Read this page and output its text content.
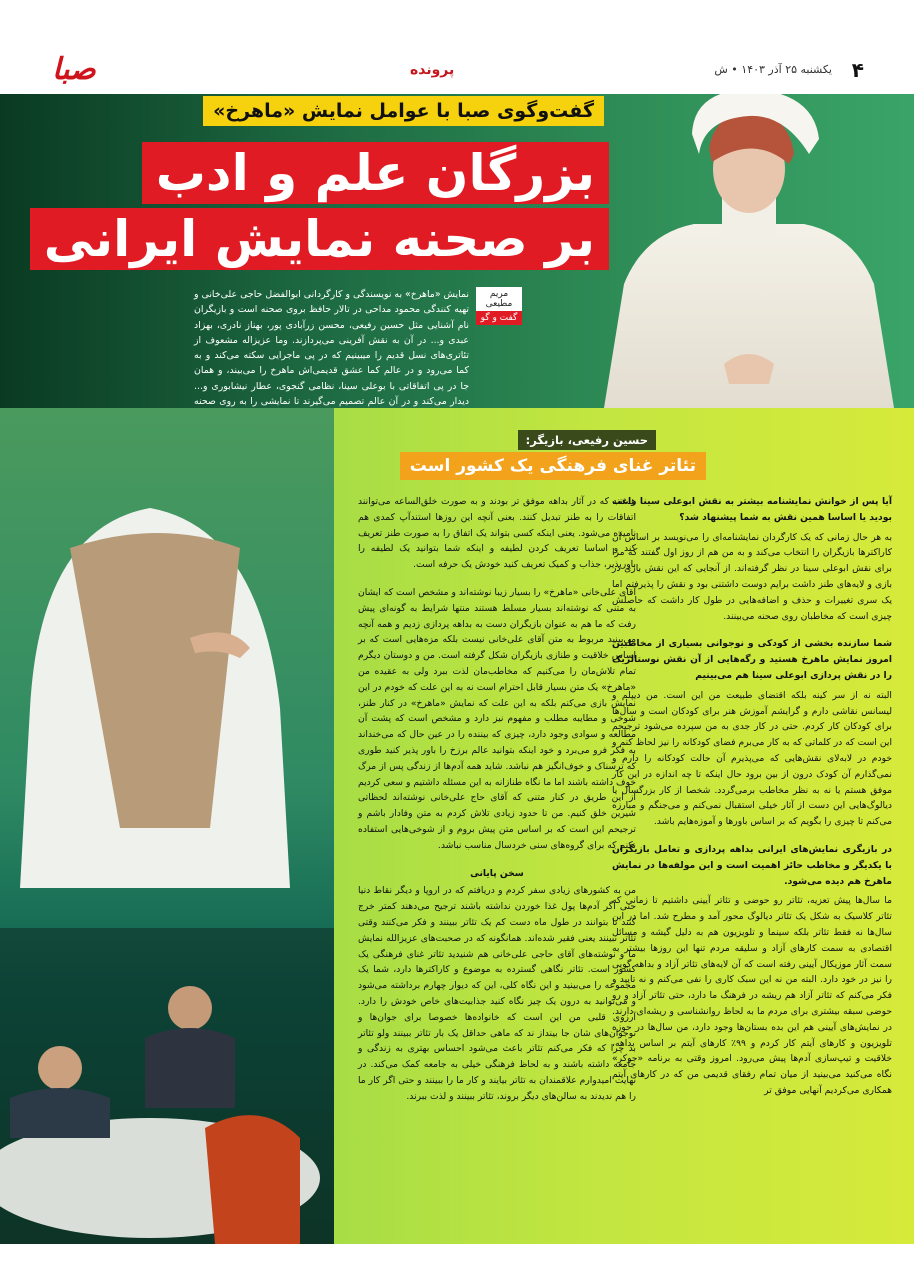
صبا	پرونده	یکشنبه ۲۵ آذر ۱۴۰۳ • ش ۴
گفت‌وگوی صبا با عوامل نمایش «ماهرخ»
بزرگان علم و ادب
بر صحنه نمایش ایرانی
مریم مطیعی
گفت و گو
نمایش «ماهرخ» به نویسندگی و کارگردانی ابوالفضل حاجی علی‌خانی و تهیه کنندگی محمود مداحی در تالار حافظ بروی صحنه است و بازیگران نام آشنایی مثل حسین رفیعی، محسن زرآبادی پور، بهناز نادری، بهزاد عبدی و... در آن به نقش آفرینی می‌پردازند. وما عزیزاله مشعوف از تئاتری‌های نسل قدیم را میبینیم که در پی ماجرایی سکته می‌کند و به کما می‌رود و در عالم کما عشق قدیمی‌اش ماهرخ را می‌بیند، و همان جا در پی اتفاقاتی با بوعلی سینا، نظامی گنجوی، عطار نیشابوری و... دیدار می‌کند و در آن عالم تصمیم می‌گیرند تا نمایشی را به روی صحنه
حسین رفیعی، بازیگر:
تئاتر غنای فرهنگی یک کشور است
آیا پس از خوانش نمایشنامه بیشتر به نقش ابوعلی سینا راغب بودید یا اساسا همین نقش به شما پیشنهاد شد؟
به هر حال زمانی که یک کارگردان نمایشنامه‌ای را می‌نویسد بر اساس آن کاراکترها بازیگران را انتخاب می‌کند و به من هم از روز اول گفتند که مرا برای نقش ابوعلی سینا در نظر گرفته‌اند. از آنجایی که این نقش بازی در بازی و لایه‌های طنز داشت برایم دوست داشتنی بود و نقش را پذیرفتم اما یک سری تغییرات و حذف و اضافه‌هایی در طول کار داشت که حاصلش چیزی است که مخاطبان روی صحنه می‌بینند.
شما سازنده بخشی از کودکی و نوجوانی بسیاری از مخاطبین امروز نمایش ماهرخ هستید و رگه‌هایی از آن نقش نوستالژیک را در نقش پردازی ابوعلی سینا هم می‌بینیم
البته نه از سر کینه بلکه اقتضای طبیعت من این است. من دیپلم و لیسانس نقاشی دارم و گرایشم آموزش هنر برای کودکان است و سال‌ها برای کودکان کار کردم. حتی در کار جدی به من سپرده می‌شود ترجیحم این است که در کلماتی که به کار می‌برم فضای کودکانه را نیز لحاظ کنم و خودم در لابه‌لای نقش‌هایی که می‌پذیرم آن حالت کودکانه را دارم و نمی‌گذارم آن کودک درون از بین برود حال اینکه تا چه اندازه در این کار موفق هستم یا نه به نظر مخاطب برمی‌گردد. شخصا از کار بزرگسال یا دیالوگ‌هایی این دست از آثار خیلی استقبال نمی‌کنم و می‌جنگم و مبارزه می‌کنم تا چیزی را بگویم که بر اساس باورها و آموزه‌هایم باشد.
در بازیگری نمایش‌های ایرانی بداهه پردازی و تعامل بازیگران با یکدیگر و مخاطب حائز اهمیت است و این مولفه‌ها در نمایش ماهرخ هم دیده می‌شود.
ما سال‌ها پیش تعزیه، تئاتر رو حوضی و تئاتر آیینی داشتیم تا زمانی که تئاتر کلاسیک به شکل یک تئاتر دیالوگ محور آمد و مطرح شد. اما در این سال‌ها نه فقط تئاتر بلکه سینما و تلویزیون هم به دلیل گیشه و مسائل اقتصادی به سمت کارهای آزاد و سلیقه مردم تنها این روزها بیشتر به سمت آثار موزیکال آیینی رفته است که آن لایه‌های تئاتر آزاد و بداهه گویی را نیز در خود دارد. البته من نه این سبک کاری را نفی می‌کنم و نه تایید و فکر می‌کنم که تئاتر آزاد هم ریشه در فرهنگ ما دارد، حتی تئاتر آزاد و رو حوضی سبقه بیشتری برای مردم ما به لحاظ روانشناسی و ریشه‌ای دارند. در نمایش‌های آیینی هم این بده بستان‌ها وجود دارد، من سال‌ها در حوزه تلویزیون و کارهای آیتم کار کردم و ۹۹٪ کارهای آیتم بر اساس بداهه، خلاقیت و تیپ‌سازی آدم‌ها پیش می‌رود. امروز وقتی به برنامه «جوکر» نگاه می‌کنید می‌بینید از میان تمام رفقای قدیمی من که در کارهای آیتم همکاری می‌کردیم آنهایی موفق تر
هستند که در آثار بداهه موفق تر بودند و به صورت خلق‌الساعه می‌توانند اتفاقات را به طنز تبدیل کنند. بعنی آنچه این روزها استندآپ کمدی هم نامیده می‌شود. یعنی اینکه کسی بتواند یک اتفاق را به صورت طنز تعریف کند و اساسا تعریف کردن لطیفه و اینکه شما بتوانید یک لطیفه را باورپذیر، جذاب و کمیک تعریف کنید خودش یک حرفه است.
آقای علی‌خانی «ماهرخ» را بسیار زیبا نوشته‌اند و مشخص است که ایشان به متنی که نوشته‌اند بسیار مسلط هستند منتها شرایط به گونه‌ای پیش رفت که ما هم به عنوان بازیگران دست به بداهه پردازی زدیم و همه آنچه می‌بینید مربوط به متن آقای علی‌خانی نیست بلکه مزه‌هایی است که بر اساس خلاقیت و طنازی بازیگران شکل گرفته است. من و دوستان دیگرم تمام تلاش‌مان را می‌کنیم که مخاطب‌مان لذت ببرد ولی به عقیده من «ماهرخ» یک متن بسیار قابل احترام است نه به این علت که خودم در این نمایش بازی می‌کنم بلکه به این علت که نمایش «ماهرخ» در کنار طنز، شوخی و مطایبه مطلب و مفهوم نیز دارد و مشخص است که پشت آن مطالعه و سوادی وجود دارد، چیزی که بیننده را در عین حال که می‌خنداند به فکر فرو می‌برد و خود اینکه بتوانید عالم برزخ را باور پذیر کنید طوری که ترسناک و خوف‌انگیز هم نباشد. شاید همه آدم‌ها از زندگی پس از مرگ خوف داشته باشند اما ما نگاه طنازانه به این مسئله داشتیم و سعی کردیم از این طریق در کنار متنی که آقای حاج علی‌خانی نوشته‌اند لحظاتی شیرین خلق کنیم. من تا حدود زیادی تلاش کردم به متن وفادار باشم و ترجیحم این است که بر اساس متن پیش بروم و از شوخی‌هایی استفاده نکنم که برای گروه‌های سنی خردسال مناسب نباشد.
سخن پایانی
من به کشورهای زیادی سفر کردم و دریافتم که در اروپا و دیگر نقاط دنیا حتی اگر آدم‌ها پول غذا خوردن نداشته باشند ترجیح می‌دهند کمتر خرج کنند تا بتوانند در طول ماه دست کم یک تئاتر ببینند و فکر می‌کنند وقتی تئاتر نبینند یعنی فقیر شده‌اند. همانگونه که در صحبت‌های عزیزالله نمایش ما و نوشته‌های آقای حاجی علی‌خانی هم شنیدید تئاتر غنای فرهنگی یک کشور است. تئاتر نگاهی گسترده به موضوع و کاراکترها دارد، شما یک مجموعه را می‌بینید و این نگاه کلی، این که دیوار چهارم برداشته می‌شود و می‌توانید به درون یک چیز نگاه کنید جذابیت‌های خاص خودش را دارد. آرزوی قلبی من این است که خانواده‌ها خصوصا برای جوان‌ها و نوجوان‌های شان جا بینداز ند که ماهی حداقل یک بار تئاتر ببینند ولو تئاتر بد چرا که فکر می‌کنم تئاتر باعث می‌شود احساس بهتری به زندگی و جامعه داشته باشند و به لحاظ فرهنگی خیلی به جامعه کمک می‌کند. در نهایت امیدوارم علاقمندان به تئاتر بیایند و کار ما را ببینند و حتی اگر کار ما را هم ندیدند به سالن‌های دیگر بروند، تئاتر ببینند و لذت ببرند.
